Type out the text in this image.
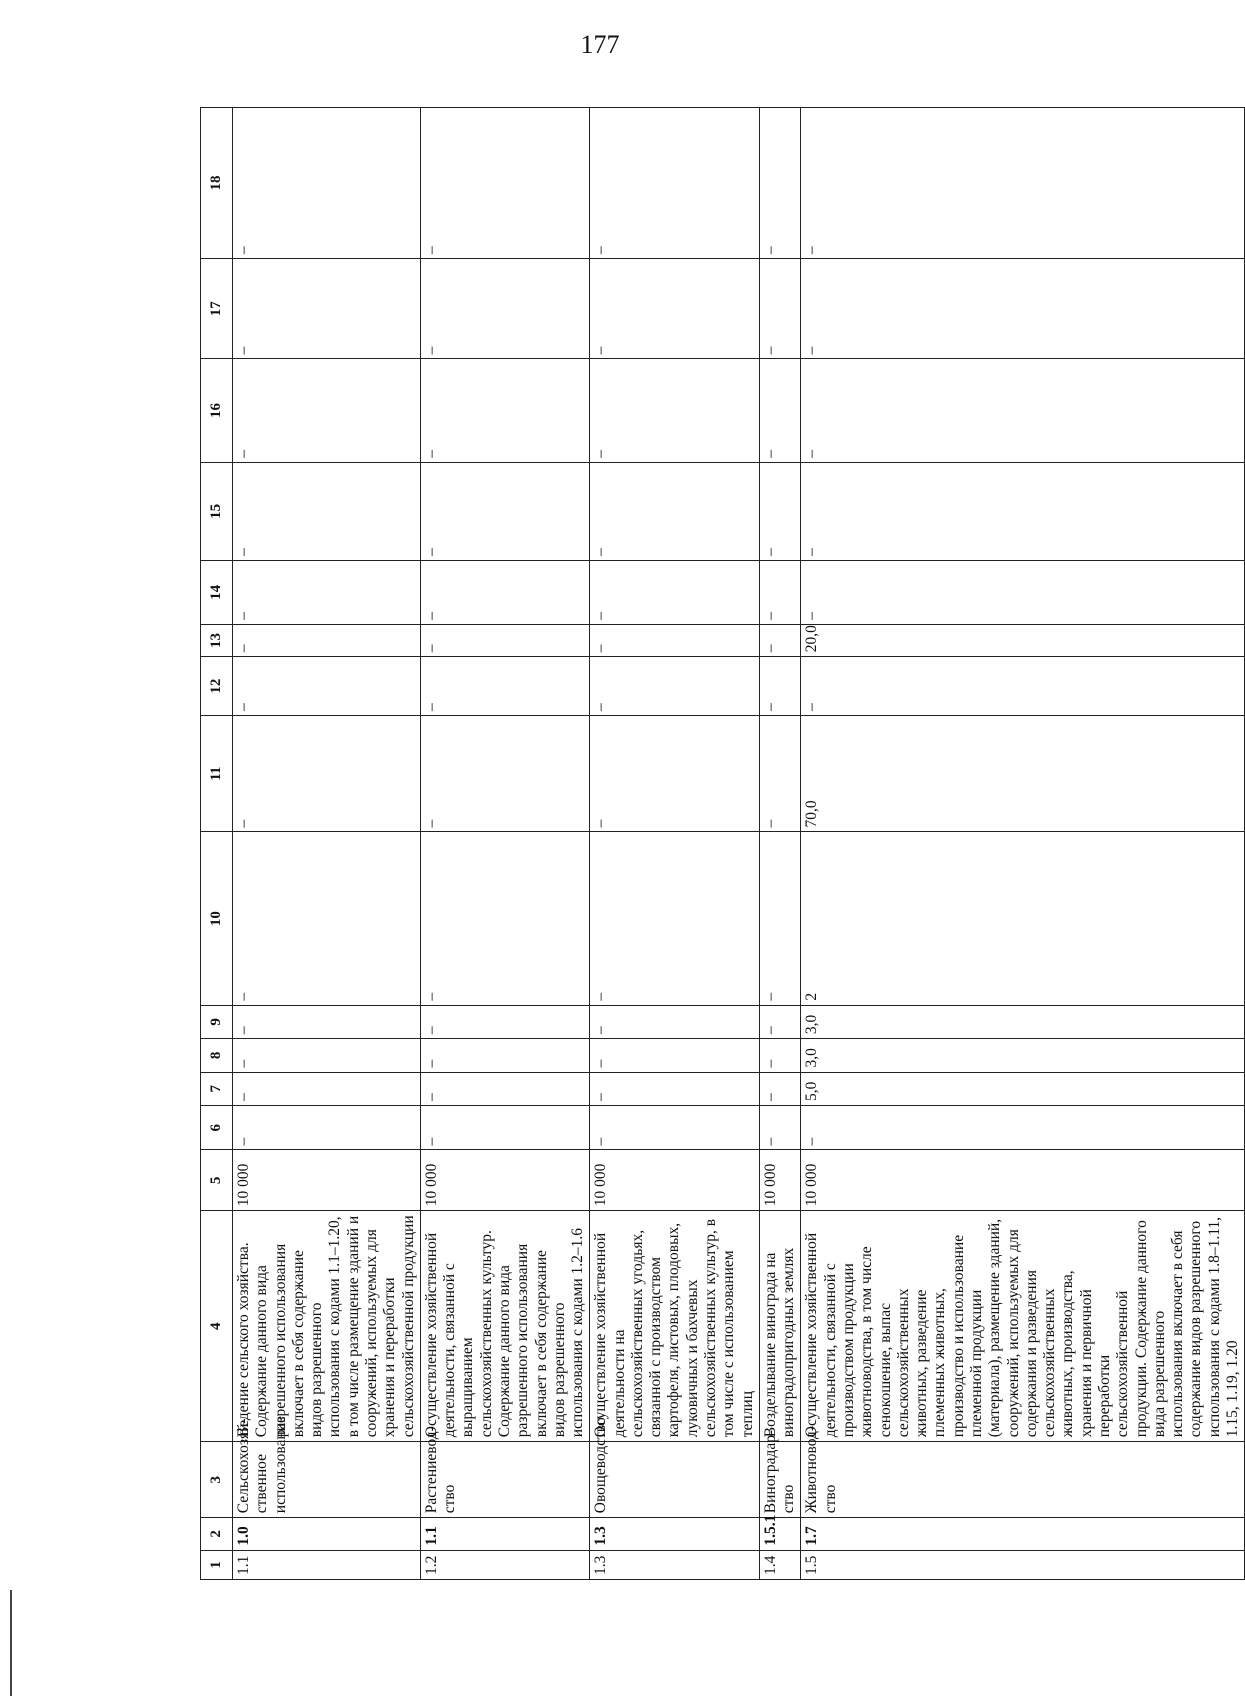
177
1	2	3	4	5	6	7	8	9	10	11	12	13	14	15	16	17	18
1.1	1.0	Сельскохозяй-ственное использование	Ведение сельского хозяйства. Содержание данного вида разрешенного использования включает в себя содержание видов разрешенного использования с кодами 1.1–1.20, в том числе размещение зданий и сооружений, используемых для хранения и переработки сельскохозяйственной продукции	10 000	–	–	–	–	–	–	–	–	–	–	–	–	–
1.2	1.1	Растениевод-ство	Осуществление хозяйственной деятельности, связанной с выращиванием сельскохозяйственных культур. Содержание данного вида разрешенного использования включает в себя содержание видов разрешенного использования с кодами 1.2–1.6	10 000	–	–	–	–	–	–	–	–	–	–	–	–	–
1.3	1.3	Овощеводство	Осуществление хозяйственной деятельности на сельскохозяйственных угодьях, связанной с производством картофеля, листовых, плодовых, луковичных и бахчевых сельскохозяйственных культур, в том числе с использованием теплиц	10 000	–	–	–	–	–	–	–	–	–	–	–	–	–
1.4	1.5.1	Виноградар-ство	Возделывание винограда на виноградопригодных землях	10 000	–	–	–	–	–	–	–	–	–	–	–	–	–
1.5	1.7	Животновод-ство	Осуществление хозяйственной деятельности, связанной с производством продукции животноводства, в том числе сенокошение, выпас сельскохозяйственных животных, разведение племенных животных, производство и использование племенной продукции (материала), размещение зданий, сооружений, используемых для содержания и разведения сельскохозяйственных животных, производства, хранения и первичной переработки сельскохозяйственной продукции. Содержание данного вида разрешенного использования включает в себя содержание видов разрешенного использования с кодами 1.8–1.11, 1.15, 1.19, 1.20	10 000	–	5,0	3,0	3,0	2	70,0	–	20,0	–	–	–	–	–
